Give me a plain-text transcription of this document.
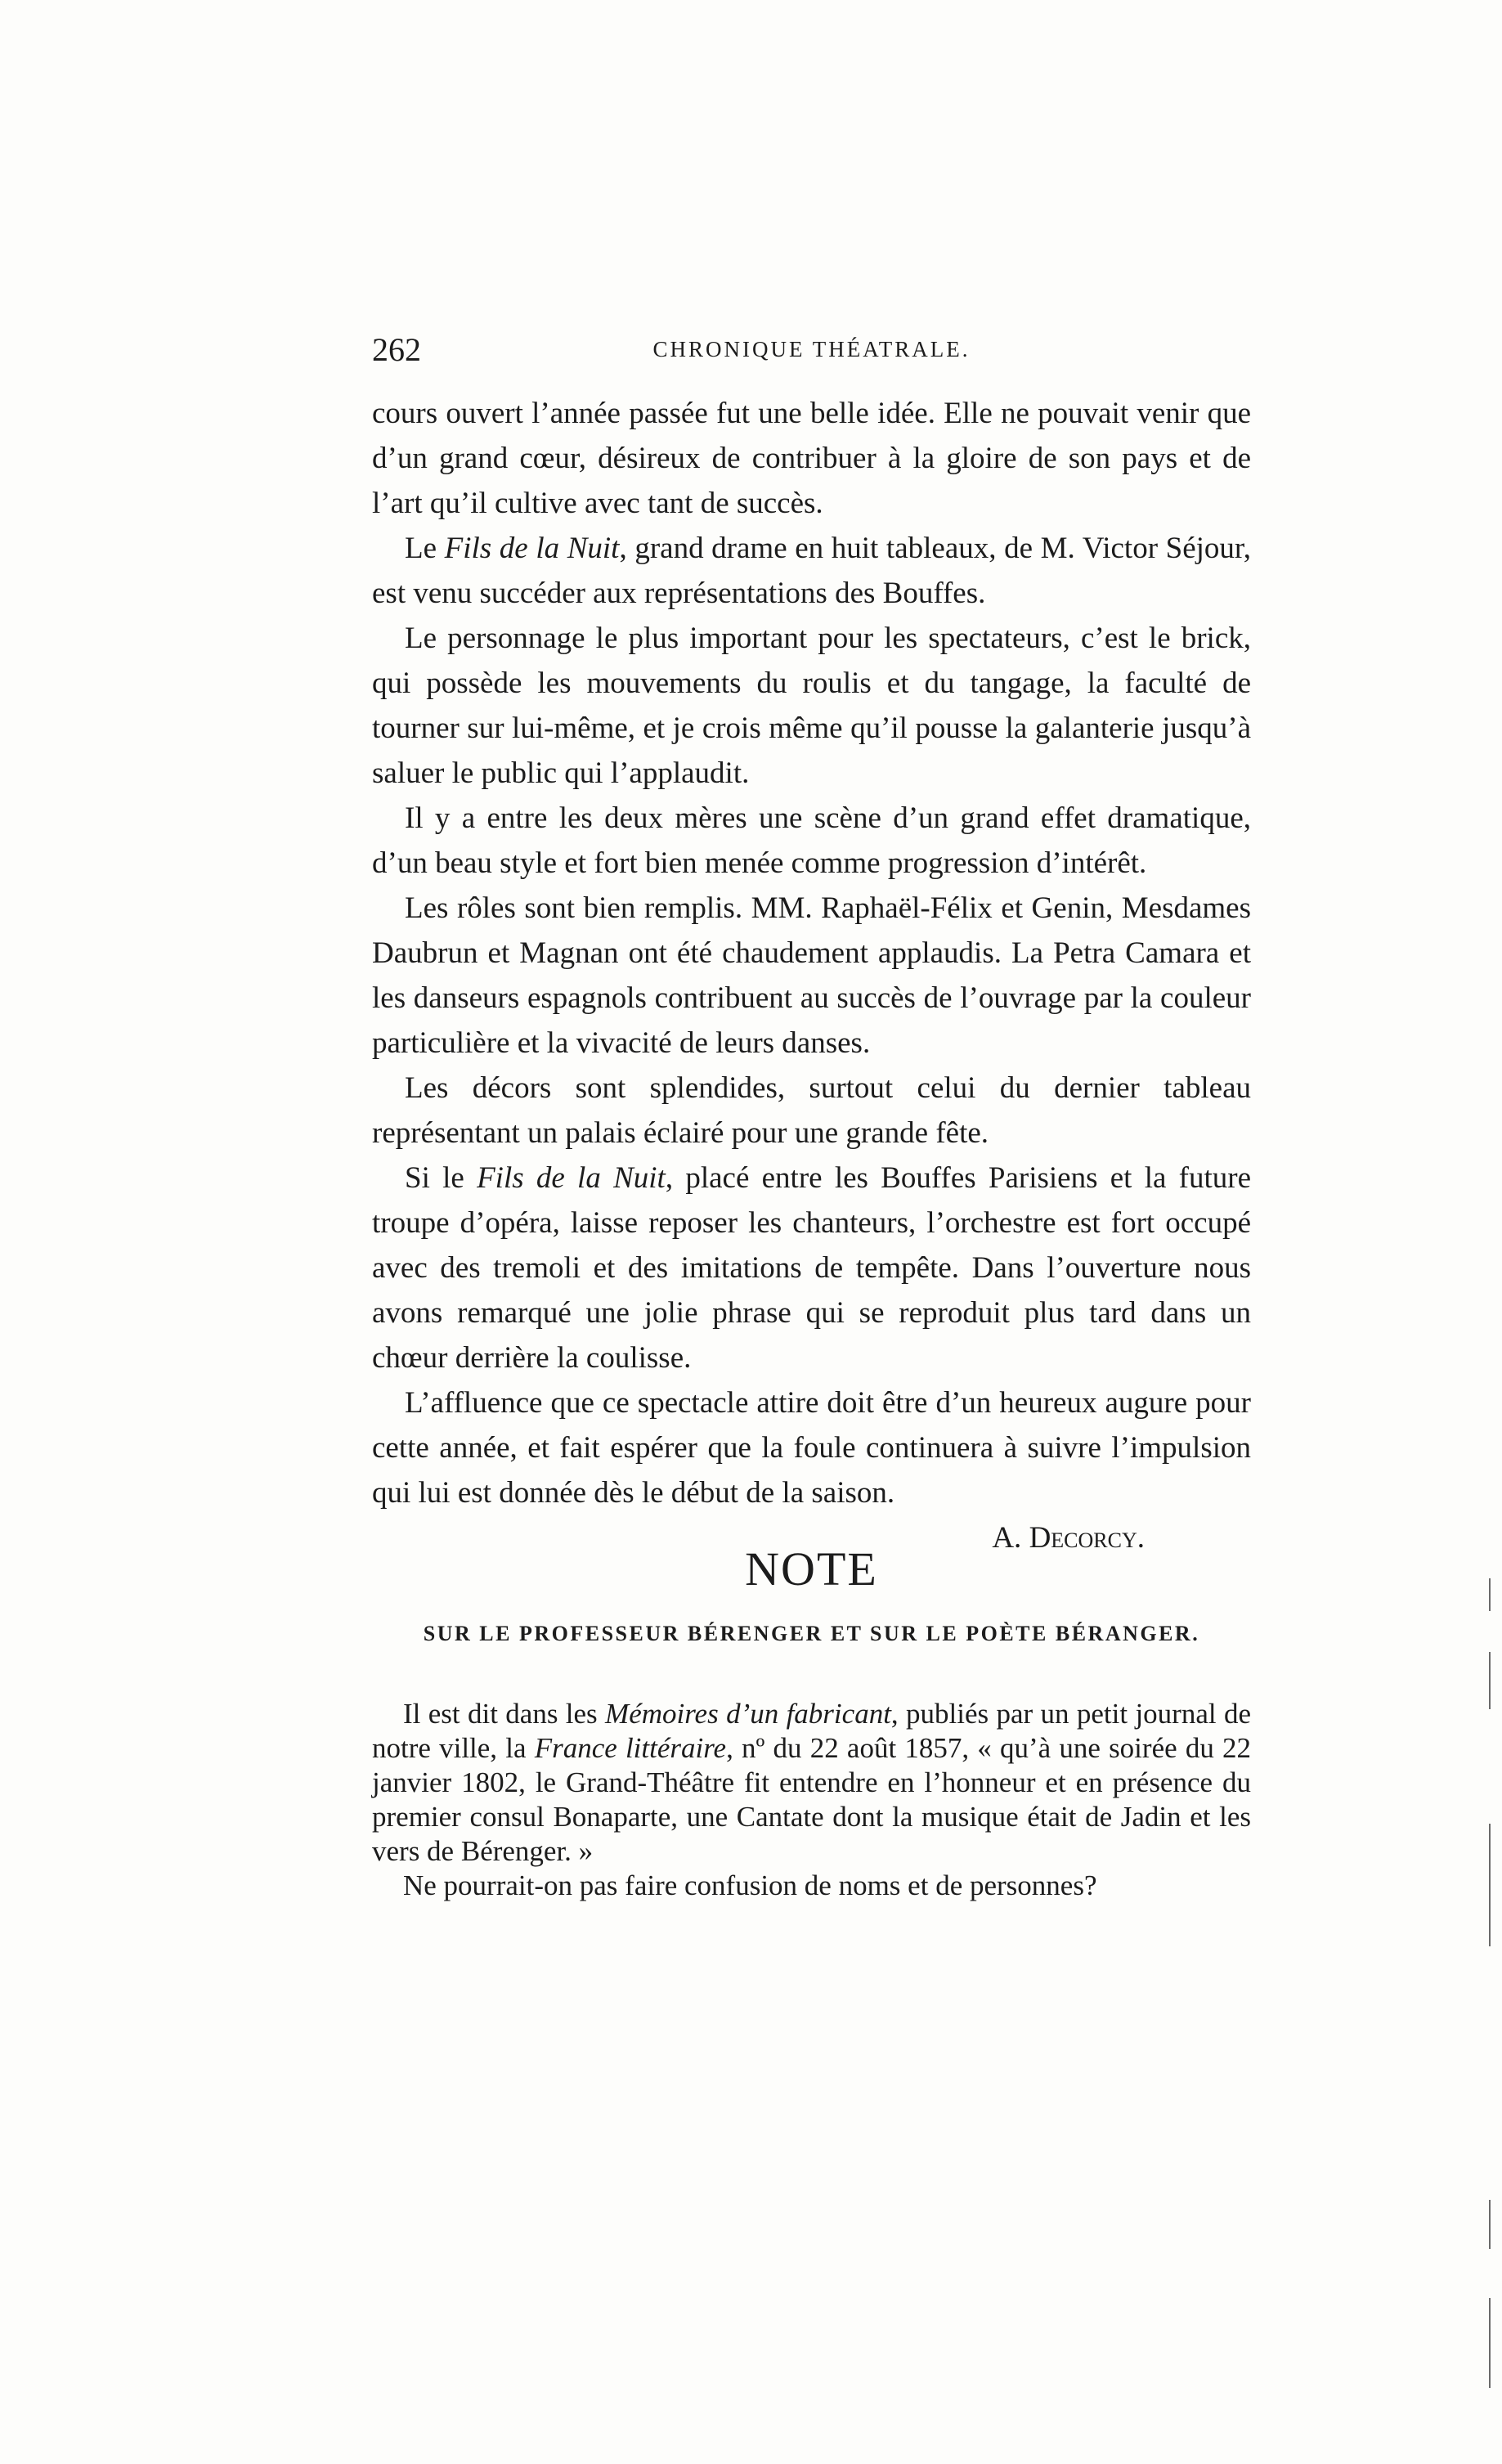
262	CHRONIQUE THÉATRALE.

cours ouvert l’année passée fut une belle idée. Elle ne pouvait venir que d’un grand cœur, désireux de contribuer à la gloire de son pays et de l’art qu’il cultive avec tant de succès.

Le Fils de la Nuit, grand drame en huit tableaux, de M. Victor Séjour, est venu succéder aux représentations des Bouffes.

Le personnage le plus important pour les spectateurs, c’est le brick, qui possède les mouvements du roulis et du tangage, la faculté de tourner sur lui-même, et je crois même qu’il pousse la galanterie jusqu’à saluer le public qui l’applaudit.

Il y a entre les deux mères une scène d’un grand effet dramatique, d’un beau style et fort bien menée comme progression d’intérêt.

Les rôles sont bien remplis. MM. Raphaël-Félix et Genin, Mesdames Daubrun et Magnan ont été chaudement applaudis. La Petra Camara et les danseurs espagnols contribuent au succès de l’ouvrage par la couleur particulière et la vivacité de leurs danses.

Les décors sont splendides, surtout celui du dernier tableau représentant un palais éclairé pour une grande fête.

Si le Fils de la Nuit, placé entre les Bouffes Parisiens et la future troupe d’opéra, laisse reposer les chanteurs, l’orchestre est fort occupé avec des tremoli et des imitations de tempête. Dans l’ouverture nous avons remarqué une jolie phrase qui se reproduit plus tard dans un chœur derrière la coulisse.

L’affluence que ce spectacle attire doit être d’un heureux augure pour cette année, et fait espérer que la foule continuera à suivre l’impulsion qui lui est donnée dès le début de la saison.

A. Decorcy.
NOTE
SUR LE PROFESSEUR BÉRENGER ET SUR LE POÈTE BÉRANGER.

Il est dit dans les Mémoires d’un fabricant, publiés par un petit journal de notre ville, la France littéraire, nº du 22 août 1857, « qu’à une soirée du 22 janvier 1802, le Grand-Théâtre fit entendre en l’honneur et en présence du premier consul Bonaparte, une Cantate dont la musique était de Jadin et les vers de Bérenger. »

Ne pourrait-on pas faire confusion de noms et de personnes?
